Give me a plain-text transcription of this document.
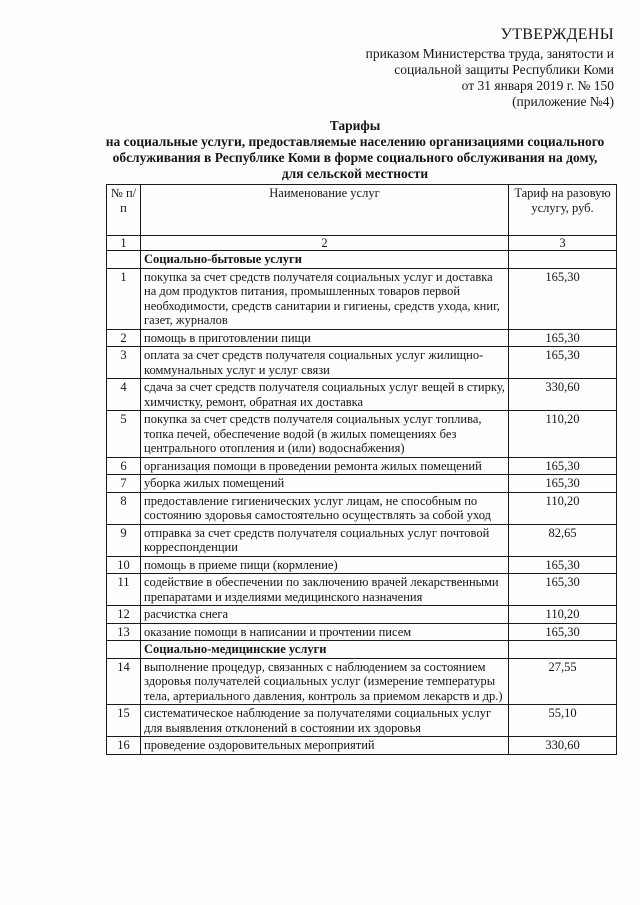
УТВЕРЖДЕНЫ
приказом Министерства труда, занятости и
социальной защиты Республики Коми
от 31 января 2019 г. № 150
(приложение №4)
Тарифы
на социальные услуги, предоставляемые населению организациями социального
обслуживания в Республике Коми в форме социального обслуживания на дому,
для сельской местности
№ п/п	Наименование услуг	Тариф на разовую услугу, руб.
1	2	3
	Социально-бытовые услуги	
1	покупка за счет средств получателя социальных услуг и доставка на дом продуктов питания, промышленных товаров первой необходимости, средств санитарии и гигиены, средств ухода, книг, газет, журналов	165,30
2	помощь в приготовлении пищи	165,30
3	оплата за счет средств получателя социальных услуг жилищно-коммунальных услуг и услуг связи	165,30
4	сдача за счет средств получателя социальных услуг вещей в стирку, химчистку, ремонт, обратная их доставка	330,60
5	покупка за счет средств получателя социальных услуг топлива, топка печей, обеспечение водой (в жилых помещениях без центрального отопления и (или) водоснабжения)	110,20
6	организация помощи в проведении ремонта жилых помещений	165,30
7	уборка жилых помещений	165,30
8	предоставление гигиенических услуг лицам, не способным по состоянию здоровья самостоятельно осуществлять за собой уход	110,20
9	отправка за счет средств получателя социальных услуг почтовой корреспонденции	82,65
10	помощь в приеме пищи (кормление)	165,30
11	содействие в обеспечении по заключению врачей лекарственными препаратами и изделиями медицинского назначения	165,30
12	расчистка снега	110,20
13	оказание помощи в написании и прочтении писем	165,30
	Социально-медицинские услуги	
14	выполнение процедур, связанных с наблюдением за состоянием здоровья получателей социальных услуг (измерение температуры тела, артериального давления, контроль за приемом лекарств и др.)	27,55
15	систематическое наблюдение за получателями социальных услуг для выявления отклонений в состоянии их здоровья	55,10
16	проведение оздоровительных мероприятий	330,60
